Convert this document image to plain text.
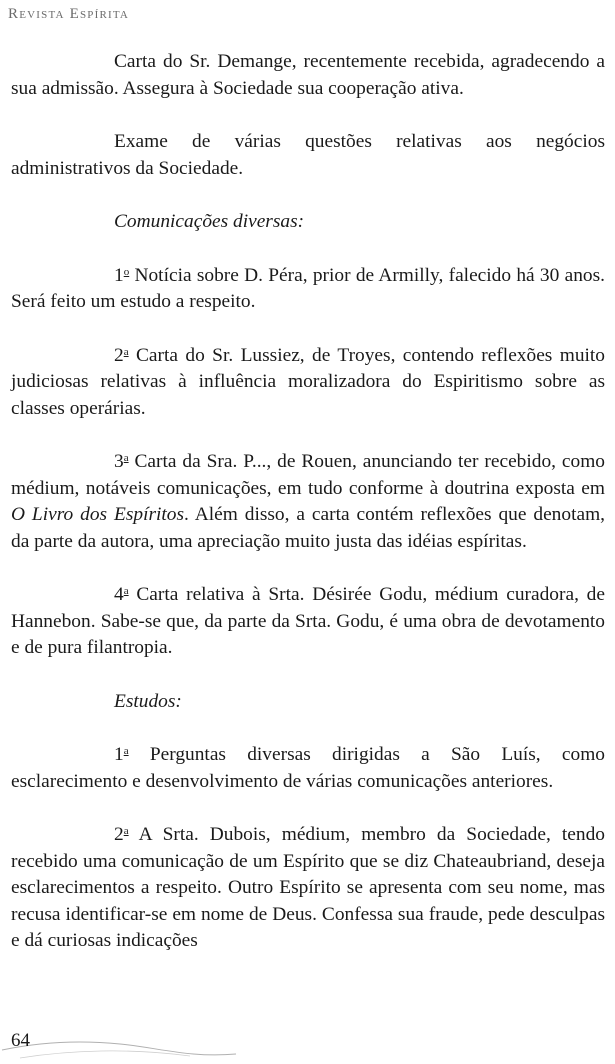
Revista Espírita

Carta do Sr. Demange, recentemente recebida, agradecendo a sua admissão. Assegura à Sociedade sua cooperação ativa.

Exame de várias questões relativas aos negócios administrativos da Sociedade.

Comunicações diversas:

1$^o$ Notícia sobre D. Péra, prior de Armilly, falecido há 30 anos. Será feito um estudo a respeito.

2$^a$ Carta do Sr. Lussiez, de Troyes, contendo reflexões muito judiciosas relativas à influência moralizadora do Espiritismo sobre as classes operárias.

3$^a$ Carta da Sra. P..., de Rouen, anunciando ter recebido, como médium, notáveis comunicações, em tudo conforme à doutrina exposta em O Livro dos Espíritos. Além disso, a carta contém reflexões que denotam, da parte da autora, uma apreciação muito justa das idéias espíritas.

4$^a$ Carta relativa à Srta. Désirée Godu, médium curadora, de Hannebon. Sabe-se que, da parte da Srta. Godu, é uma obra de devotamento e de pura filantropia.

Estudos:

1$^a$ Perguntas diversas dirigidas a São Luís, como esclarecimento e desenvolvimento de várias comunicações anteriores.

2$^a$ A Srta. Dubois, médium, membro da Sociedade, tendo recebido uma comunicação de um Espírito que se diz Chateaubriand, deseja esclarecimentos a respeito. Outro Espírito se apresenta com seu nome, mas recusa identificar-se em nome de Deus. Confessa sua fraude, pede desculpas e dá curiosas indicações

64
